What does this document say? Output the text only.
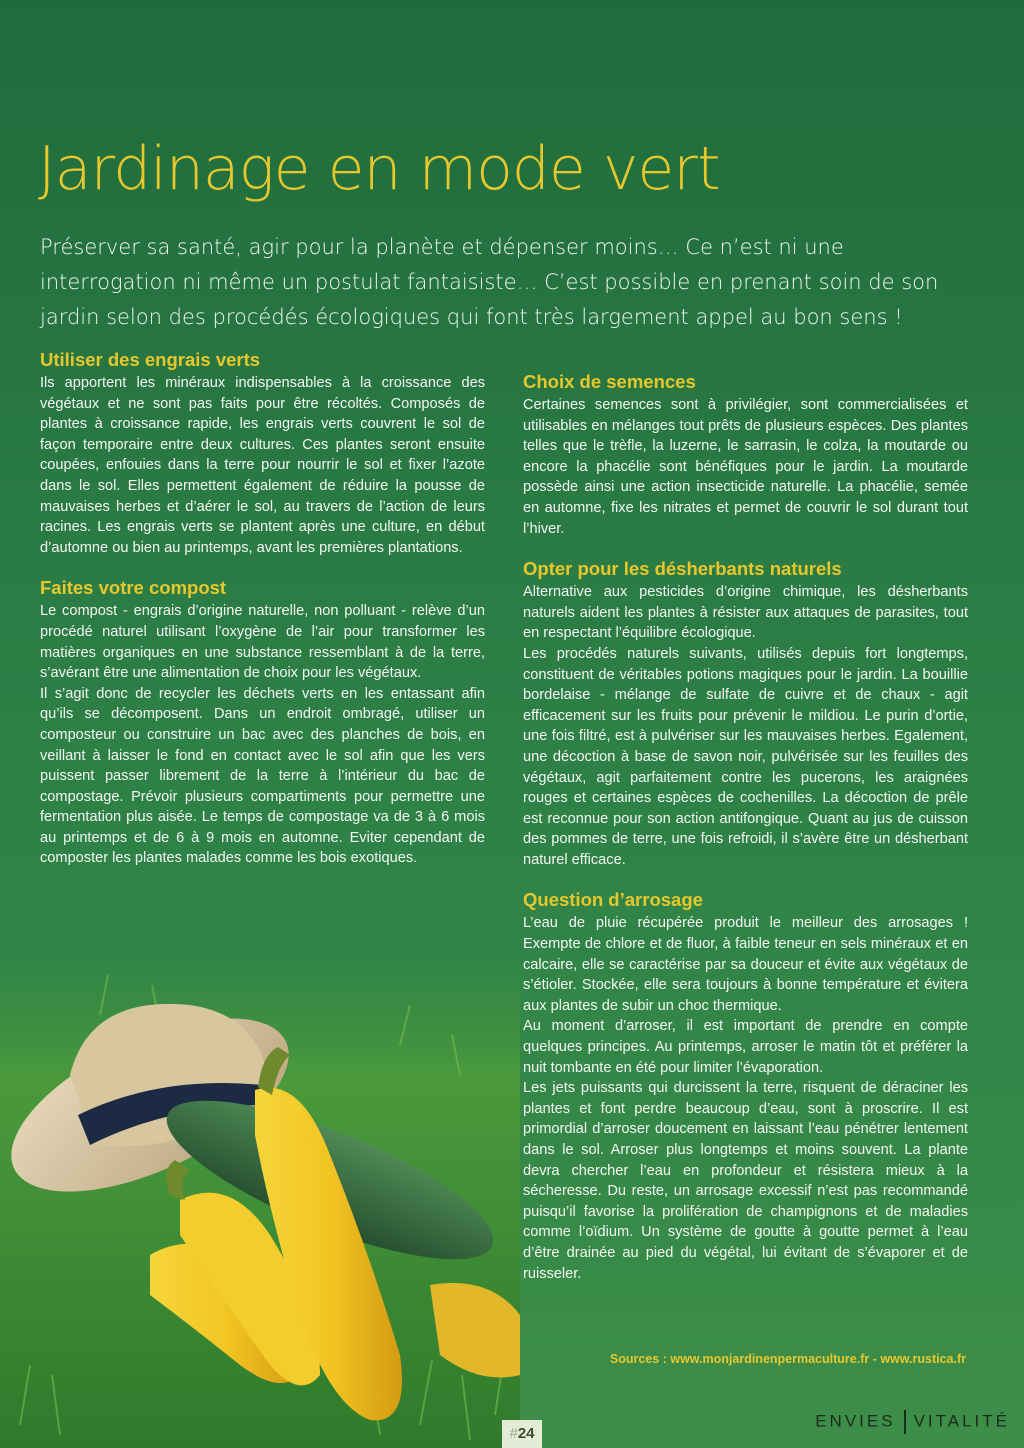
Jardinage en mode vert

Préserver sa santé, agir pour la planète et dépenser moins… Ce n’est ni une interrogation ni même un postulat fantaisiste… C’est possible en prenant soin de son jardin selon des procédés écologiques qui font très largement appel au bon sens !

Utiliser des engrais verts

Ils apportent les minéraux indispensables à la croissance des végétaux et ne sont pas faits pour être récoltés. Composés de plantes à croissance rapide, les engrais verts couvrent le sol de façon temporaire entre deux cultures. Ces plantes seront ensuite coupées, enfouies dans la terre pour nourrir le sol et fixer l’azote dans le sol. Elles permettent également de réduire la pousse de mauvaises herbes et d’aérer le sol, au travers de l’action de leurs racines. Les engrais verts se plantent après une culture, en début d’automne ou bien au printemps, avant les premières plantations.

Faites votre compost

Le compost - engrais d’origine naturelle, non polluant - relève d’un procédé naturel utilisant l’oxygène de l’air pour transformer les matières organiques en une substance ressemblant à de la terre, s’avérant être une alimentation de choix pour les végétaux.

Il s’agit donc de recycler les déchets verts en les entassant afin qu’ils se décomposent. Dans un endroit ombragé, utiliser un composteur ou construire un bac avec des planches de bois, en veillant à laisser le fond en contact avec le sol afin que les vers puissent passer librement de la terre à l’intérieur du bac de compostage. Prévoir plusieurs compartiments pour permettre une fermentation plus aisée. Le temps de compostage va de 3 à 6 mois au printemps et de 6 à 9 mois en automne. Eviter cependant de composter les plantes malades comme les bois exotiques.

Choix de semences

Certaines semences sont à privilégier, sont commercialisées et utilisables en mélanges tout prêts de plusieurs espèces. Des plantes telles que le trèfle, la luzerne, le sarrasin, le colza, la moutarde ou encore la phacélie sont bénéfiques pour le jardin. La moutarde possède ainsi une action insecticide naturelle. La phacélie, semée en automne, fixe les nitrates et permet de couvrir le sol durant tout l’hiver.

Opter pour les désherbants naturels

Alternative aux pesticides d’origine chimique, les désherbants naturels aident les plantes à résister aux attaques de parasites, tout en respectant l’équilibre écologique.

Les procédés naturels suivants, utilisés depuis fort longtemps, constituent de véritables potions magiques pour le jardin. La bouillie bordelaise - mélange de sulfate de cuivre et de chaux - agit efficacement sur les fruits pour prévenir le mildiou. Le purin d’ortie, une fois filtré, est à pulvériser sur les mauvaises herbes. Egalement, une décoction à base de savon noir, pulvérisée sur les feuilles des végétaux, agit parfaitement contre les pucerons, les araignées rouges et certaines espèces de cochenilles. La décoction de prêle est reconnue pour son action antifongique. Quant au jus de cuisson des pommes de terre, une fois refroidi, il s’avère être un désherbant naturel efficace.

Question d’arrosage

L’eau de pluie récupérée produit le meilleur des arrosages ! Exempte de chlore et de fluor, à faible teneur en sels minéraux et en calcaire, elle se caractérise par sa douceur et évite aux végétaux de s’étioler. Stockée, elle sera toujours à bonne température et évitera aux plantes de subir un choc thermique.

Au moment d’arroser, il est important de prendre en compte quelques principes. Au printemps, arroser le matin tôt et préférer la nuit tombante en été pour limiter l’évaporation.

Les jets puissants qui durcissent la terre, risquent de déraciner les plantes et font perdre beaucoup d’eau, sont à proscrire. Il est primordial d’arroser doucement en laissant l’eau pénétrer lentement dans le sol. Arroser plus longtemps et moins souvent. La plante devra chercher l’eau en profondeur et résistera mieux à la sécheresse. Du reste, un arrosage excessif n’est pas recommandé puisqu’il favorise la prolifération de champignons et de maladies comme l’oïdium. Un système de goutte à goutte permet à l’eau d’être drainée au pied du végétal, lui évitant de s’évaporer et de ruisseler.

Sources : www.monjardinenpermaculture.fr - www.rustica.fr
#24
ENVIES VITALITÉ
